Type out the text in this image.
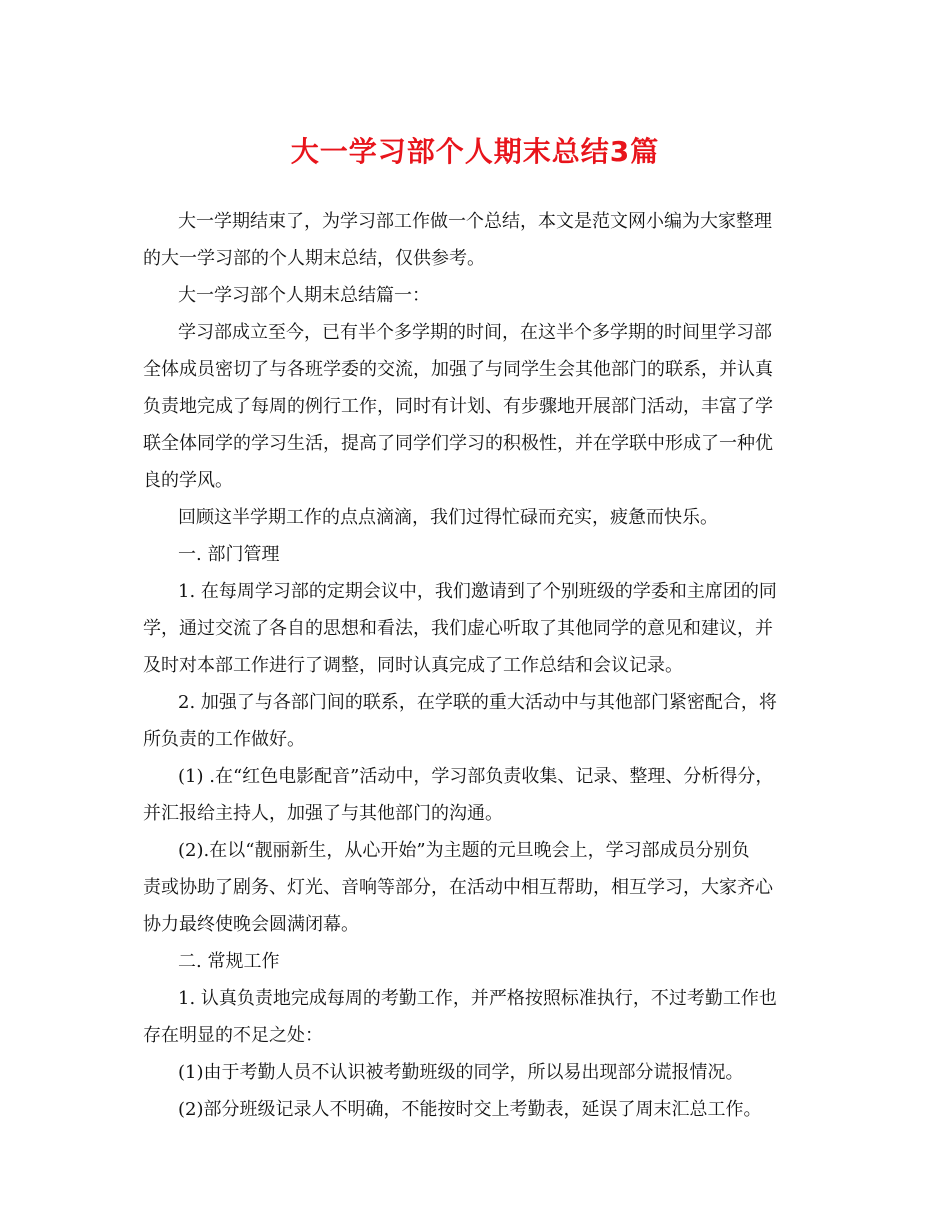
大一学习部个人期末总结3篇
大一学期结束了，为学习部工作做一个总结，本文是范文网小编为大家整理
的大一学习部的个人期末总结，仅供参考。
大一学习部个人期末总结篇一：
学习部成立至今，已有半个多学期的时间，在这半个多学期的时间里学习部
全体成员密切了与各班学委的交流，加强了与同学生会其他部门的联系，并认真
负责地完成了每周的例行工作，同时有计划、有步骤地开展部门活动，丰富了学
联全体同学的学习生活，提高了同学们学习的积极性，并在学联中形成了一种优
良的学风。
回顾这半学期工作的点点滴滴，我们过得忙碌而充实，疲惫而快乐。
一. 部门管理
1. 在每周学习部的定期会议中，我们邀请到了个别班级的学委和主席团的同
学，通过交流了各自的思想和看法，我们虚心听取了其他同学的意见和建议，并
及时对本部工作进行了调整，同时认真完成了工作总结和会议记录。
2. 加强了与各部门间的联系，在学联的重大活动中与其他部门紧密配合，将
所负责的工作做好。
(1) .在“红色电影配音”活动中，学习部负责收集、记录、整理、分析得分，
并汇报给主持人，加强了与其他部门的沟通。
(2).在以“靓丽新生，从心开始”为主题的元旦晚会上，学习部成员分别负
责或协助了剧务、灯光、音响等部分，在活动中相互帮助，相互学习，大家齐心
协力最终使晚会圆满闭幕。
二. 常规工作
1. 认真负责地完成每周的考勤工作，并严格按照标准执行，不过考勤工作也
存在明显的不足之处：
(1)由于考勤人员不认识被考勤班级的同学，所以易出现部分谎报情况。
(2)部分班级记录人不明确，不能按时交上考勤表，延误了周末汇总工作。
